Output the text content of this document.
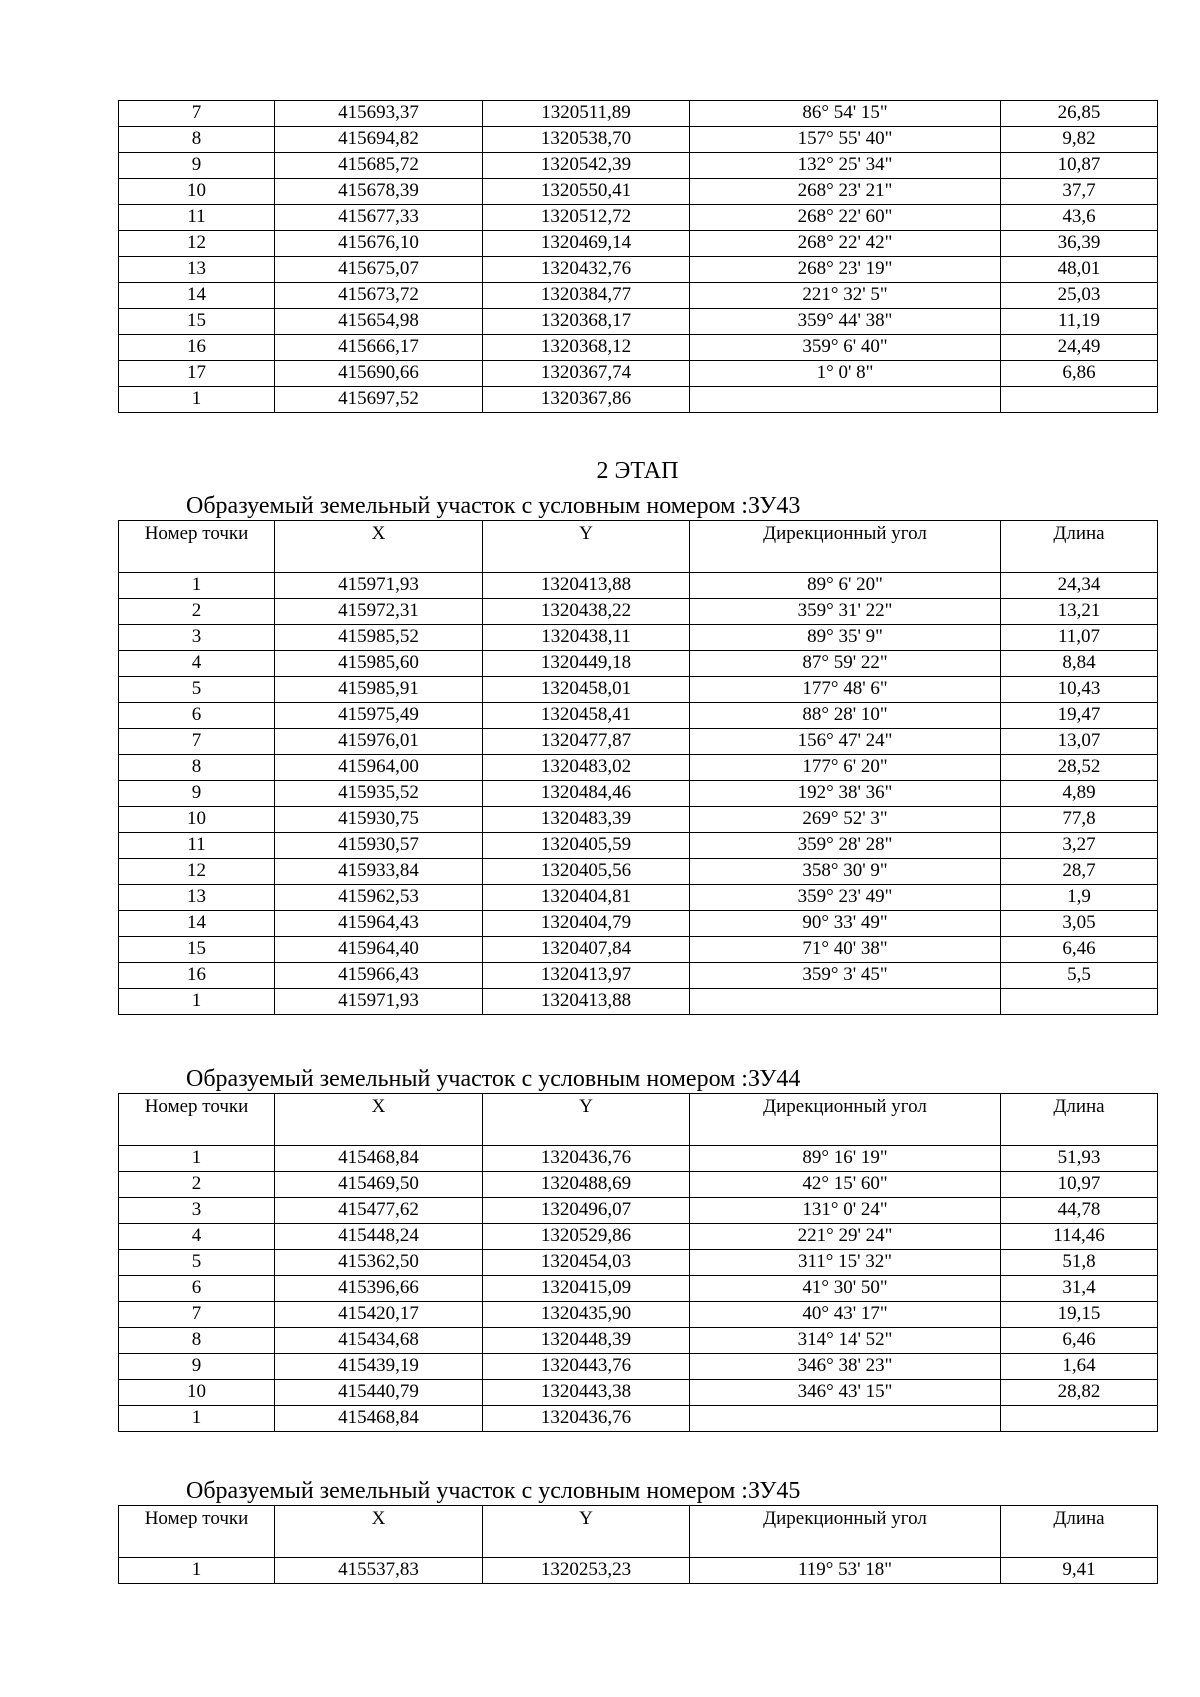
7	415693,37	1320511,89	86° 54' 15"	26,85
8	415694,82	1320538,70	157° 55' 40"	9,82
9	415685,72	1320542,39	132° 25' 34"	10,87
10	415678,39	1320550,41	268° 23' 21"	37,7
11	415677,33	1320512,72	268° 22' 60"	43,6
12	415676,10	1320469,14	268° 22' 42"	36,39
13	415675,07	1320432,76	268° 23' 19"	48,01
14	415673,72	1320384,77	221° 32' 5"	25,03
15	415654,98	1320368,17	359° 44' 38"	11,19
16	415666,17	1320368,12	359° 6' 40"	24,49
17	415690,66	1320367,74	1° 0' 8"	6,86
1	415697,52	1320367,86		
2 ЭТАП
Образуемый земельный участок с условным номером :ЗУ43
Номер точки	X	Y	Дирекционный угол	Длина
1	415971,93	1320413,88	89° 6' 20"	24,34
2	415972,31	1320438,22	359° 31' 22"	13,21
3	415985,52	1320438,11	89° 35' 9"	11,07
4	415985,60	1320449,18	87° 59' 22"	8,84
5	415985,91	1320458,01	177° 48' 6"	10,43
6	415975,49	1320458,41	88° 28' 10"	19,47
7	415976,01	1320477,87	156° 47' 24"	13,07
8	415964,00	1320483,02	177° 6' 20"	28,52
9	415935,52	1320484,46	192° 38' 36"	4,89
10	415930,75	1320483,39	269° 52' 3"	77,8
11	415930,57	1320405,59	359° 28' 28"	3,27
12	415933,84	1320405,56	358° 30' 9"	28,7
13	415962,53	1320404,81	359° 23' 49"	1,9
14	415964,43	1320404,79	90° 33' 49"	3,05
15	415964,40	1320407,84	71° 40' 38"	6,46
16	415966,43	1320413,97	359° 3' 45"	5,5
1	415971,93	1320413,88		
Образуемый земельный участок с условным номером :ЗУ44
Номер точки	X	Y	Дирекционный угол	Длина
1	415468,84	1320436,76	89° 16' 19"	51,93
2	415469,50	1320488,69	42° 15' 60"	10,97
3	415477,62	1320496,07	131° 0' 24"	44,78
4	415448,24	1320529,86	221° 29' 24"	114,46
5	415362,50	1320454,03	311° 15' 32"	51,8
6	415396,66	1320415,09	41° 30' 50"	31,4
7	415420,17	1320435,90	40° 43' 17"	19,15
8	415434,68	1320448,39	314° 14' 52"	6,46
9	415439,19	1320443,76	346° 38' 23"	1,64
10	415440,79	1320443,38	346° 43' 15"	28,82
1	415468,84	1320436,76		
Образуемый земельный участок с условным номером :ЗУ45
Номер точки	X	Y	Дирекционный угол	Длина
1	415537,83	1320253,23	119° 53' 18"	9,41
